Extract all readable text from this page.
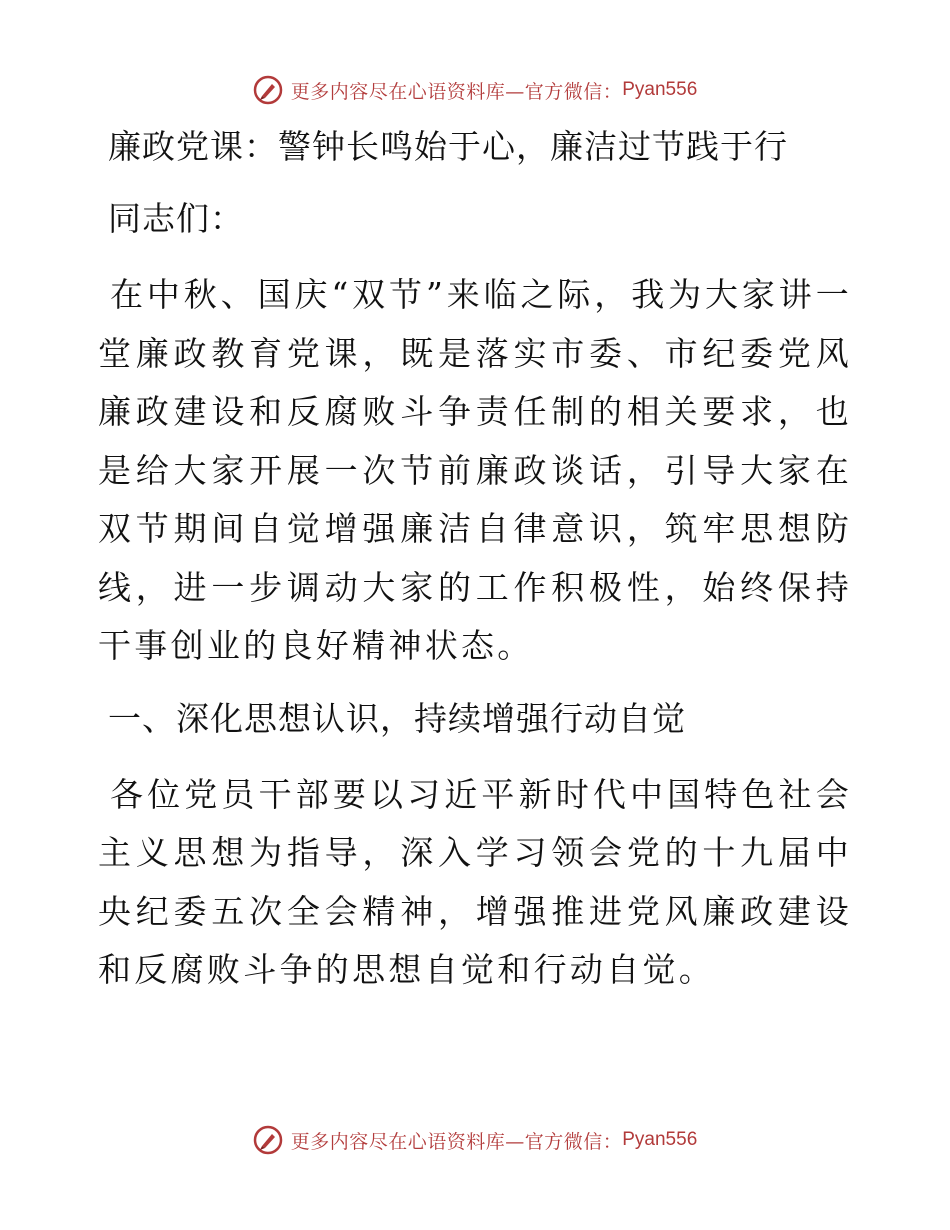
更多内容尽在心语资料库—官方微信： Pyan556
廉政党课：警钟长鸣始于心，廉洁过节践于行
同志们：
在中秋、国庆“双节”来临之际，我为大家讲一堂廉政教育党课，既是落实市委、市纪委党风廉政建设和反腐败斗争责任制的相关要求，也是给大家开展一次节前廉政谈话，引导大家在双节期间自觉增强廉洁自律意识，筑牢思想防线，进一步调动大家的工作积极性，始终保持干事创业的良好精神状态。
一、深化思想认识，持续增强行动自觉
各位党员干部要以习近平新时代中国特色社会主义思想为指导，深入学习领会党的十九届中央纪委五次全会精神，增强推进党风廉政建设和反腐败斗争的思想自觉和行动自觉。
更多内容尽在心语资料库—官方微信： Pyan556
